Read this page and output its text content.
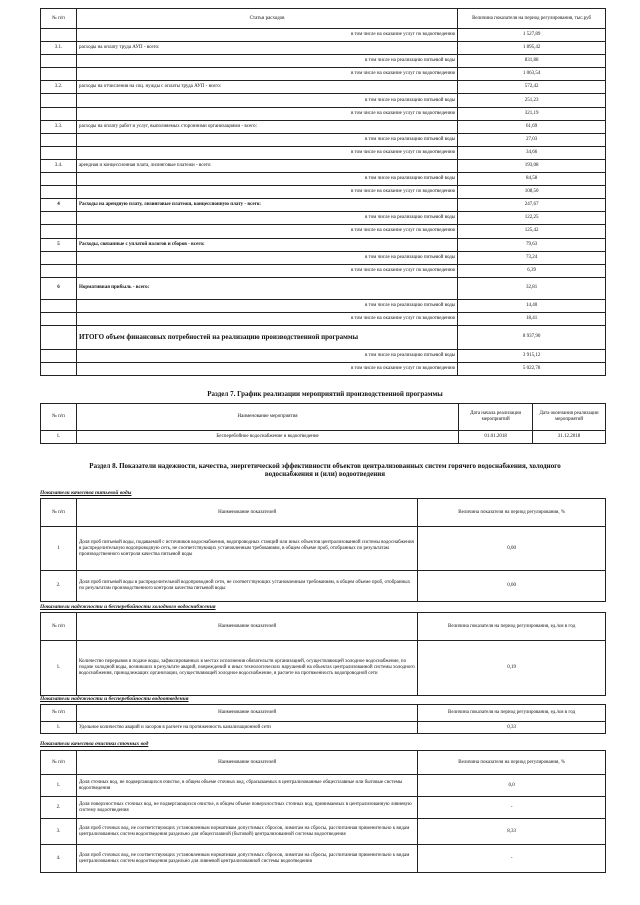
№ п/п	Статьи расходов	Величина показателя на период регулирования, тыс.руб
	в том числе на оказание услуг по водоотведению	1 527,89
3.1.	расходы на оплату труда АУП - всего:	1 895,42
	в том числе на реализацию питьевой воды	831,88
	в том числе на оказание услуг по водоотведению	1 063,54
3.2.	расходы на отчисления на соц. нужды с оплаты труда АУП - всего:	572,42
	в том числе на реализацию питьевой воды	251,23
	в том числе на оказание услуг по водоотведению	321,19
3.3.	расходы на оплату работ и услуг, выполняемых сторонними организациями - всего:	61,69
	в том числе на реализацию питьевой воды	27,03
	в том числе на оказание услуг по водоотведению	34,66
3.4.	арендная и концессионная плата, лизинговые платежи - всего:	193,08
	в том числе на реализацию питьевой воды	84,58
	в том числе на оказание услуг по водоотведению	108,50
4	Расходы на арендную плату, лизинговые платежи, концессионную плату - всего:	247,67
	в том числе на реализацию питьевой воды	122,25
	в том числе на оказание услуг по водоотведению	125,42
5	Расходы, связанные с уплатой налогов и сборов - всего:	79,63
	в том числе на реализацию питьевой воды	73,24
	в том числе на оказание услуг по водоотведению	6,39
6	Нормативная прибыль - всего:	32,81
	в том числе на реализацию питьевой воды	14,40
	в том числе на оказание услуг по водоотведению	18,41
	ИТОГО объем финансовых потребностей на реализацию производственной программы	8 937,90
	в том числе на реализацию питьевой воды	3 915,12
	в том числе на оказание услуг по водоотведению	5 022,78
Раздел 7. График реализации мероприятий производственной программы
№ п/п	Наименование мероприятия	Дата начала реализации мероприятий	Дата окончания реализации мероприятий
1.	Бесперебойное водоснабжение и водоотведение	01.01.2018	31.12.2018
Раздел 8. Показатели надежности, качества, энергетической эффективности объектов централизованных систем горячего водоснабжения, холодного водоснабжения и (или) водоотведения
Показатели качества питьевой воды
№ п/п	Наименование показателей	Величина показателя на период регулирования, %
1	Доля проб питьевой воды, подаваемой с источников водоснабжения, водопроводных станций или иных объектов централизованной системы водоснабжения в распределительную водопроводную сеть, не соответствующих установленным требованиям, в общем объеме проб, отобранных по результатам производственного контроля качества питьевой воды	0,00
2.	Доля проб питьевой воды в распределительной водопроводной сети, не соответствующих установленным требованиям, в общем объеме проб, отобранных по результатам производственного контроля качества питьевой воды	0,00
Показатели надежности и бесперебойности холодного водоснабжения
№ п/п	Наименование показателей	Величина показателя на период регулирования, ед./км в год
1.	Количество перерывов в подаче воды, зафиксированных в местах исполнения обязательств организацией, осуществляющей холодное водоснабжение, по подаче холодной воды, возникших в результате аварий, повреждений и иных технологических нарушений на объектах централизованной системы холодного водоснабжения, принадлежащих организации, осуществляющей холодное водоснабжение, в расчете на протяженность водопроводной сети	0,19
Показатели надежности и бесперебойности водоотведения
№ п/п	Наименование показателей	Величина показателя на период регулирования, ед./км в год
1.	Удельное количество аварий и засоров в расчете на протяженность канализационной сети	0,33
Показатели качества очистки сточных вод
№ п/п	Наименование показателей	Величина показателя на период регулирования, %
1.	Доля сточных вод, не подвергающихся очистке, в общем объеме сточных вод, сбрасываемых в централизованные общесплавные или бытовые системы водоотведения	0,0
2.	Доля поверхностных сточных вод, не подвергающихся очистке, в общем объеме поверхностных сточных вод, принимаемых в централизованную ливневую систему водоотведения	-
3.	Доля проб сточных вод, не соответствующих установленным нормативам допустимых сбросов, лимитам на сбросы, рассчитанная применительно к видам централизованных систем водоотведения раздельно для общесплавной (бытовой) централизованной системы водоотведения	8,33
4.	Доля проб сточных вод, не соответствующих установленным нормативам допустимых сбросов, лимитам на сбросы, рассчитанная применительно к видам централизованных систем водоотведения раздельно для ливневой централизованной системы водоотведения	-
